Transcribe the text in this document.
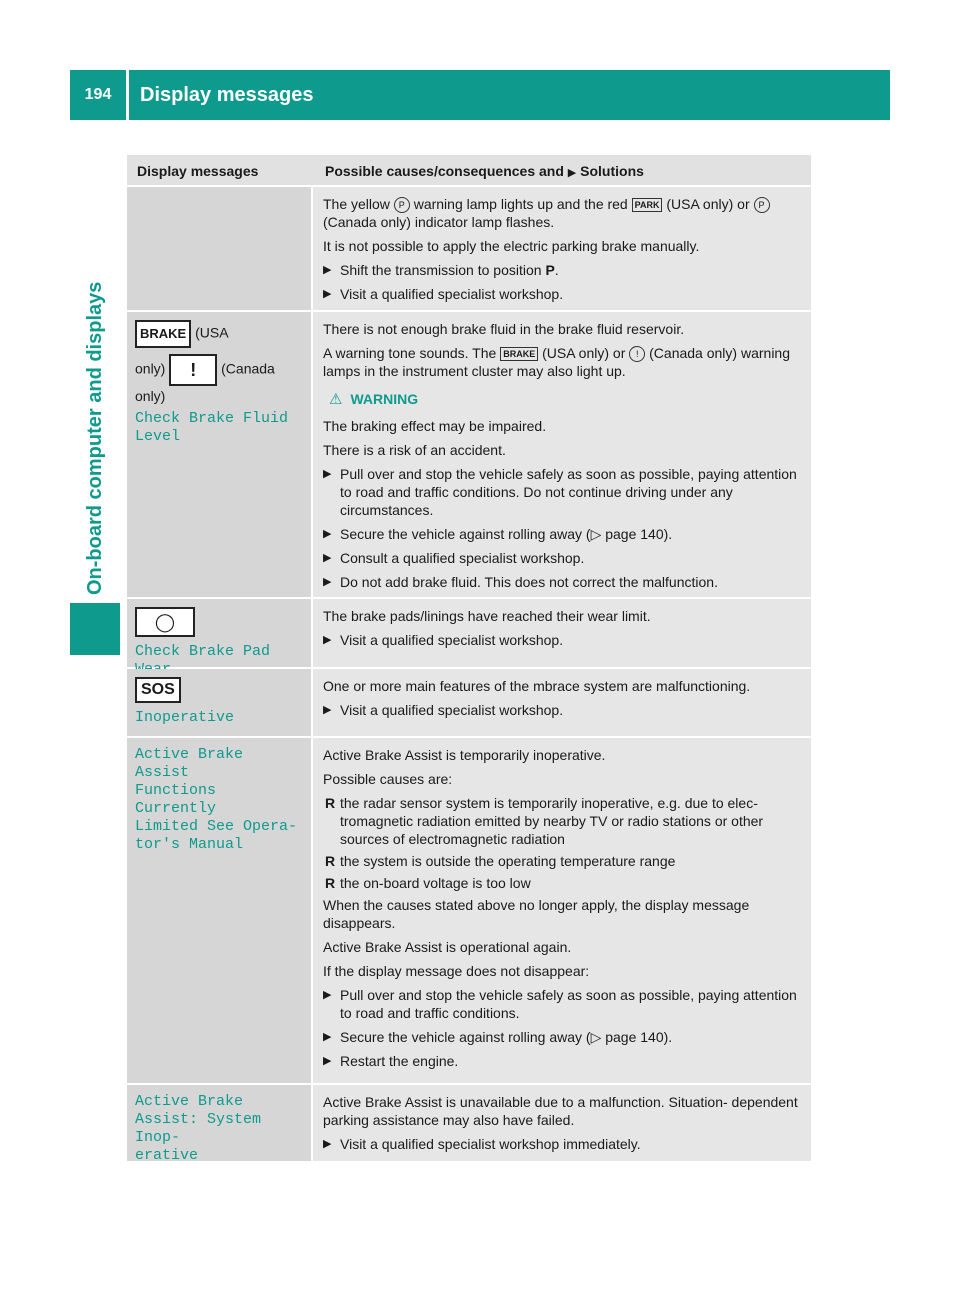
194	Display messages
On-board computer and displays
Display messages	Possible causes/consequences and ▶ Solutions

The yellow P warning lamp lights up and the red PARK (USA only) or P (Canada only) indicator lamp flashes.

It is not possible to apply the electric parking brake manually.

▶ Shift the transmission to position P.
▶ Visit a qualified specialist workshop.
BRAKE (USA
only) ! (Canada
only)
Check Brake Fluid
Level

There is not enough brake fluid in the brake fluid reservoir.

A warning tone sounds. The BRAKE (USA only) or ! (Canada only) warning lamps in the instrument cluster may also light up.

⚠ WARNING

The braking effect may be impaired.

There is a risk of an accident.

▶ Pull over and stop the vehicle safely as soon as possible, paying attention to road and traffic conditions. Do not continue driving under any circumstances.
▶ Secure the vehicle against rolling away (▷ page 140).
▶ Consult a qualified specialist workshop.
▶ Do not add brake fluid. This does not correct the malfunction.
◯
Check Brake Pad

The brake pads/linings have reached their wear limit.

▶ Visit a qualified specialist workshop.
SOS
Inoperative

One or more main features of the mbrace system are malfunctioning.

▶ Visit a qualified specialist workshop.
Active Brake Assist
Functions Currently
Limited See Opera‐
tor's Manual

Active Brake Assist is temporarily inoperative.

Possible causes are:

R the radar sensor system is temporarily inoperative, e.g. due to elec‐ tromagnetic radiation emitted by nearby TV or radio stations or other sources of electromagnetic radiation
R the system is outside the operating temperature range
R the on-board voltage is too low

When the causes stated above no longer apply, the display message disappears.

Active Brake Assist is operational again.

If the display message does not disappear:

▶ Pull over and stop the vehicle safely as soon as possible, paying attention to road and traffic conditions.
▶ Secure the vehicle against rolling away (▷ page 140).
▶ Restart the engine.
Active Brake
Assist: System Inop‐
erative

Active Brake Assist is unavailable due to a malfunction. Situation- dependent parking assistance may also have failed.

▶ Visit a qualified specialist workshop immediately.
